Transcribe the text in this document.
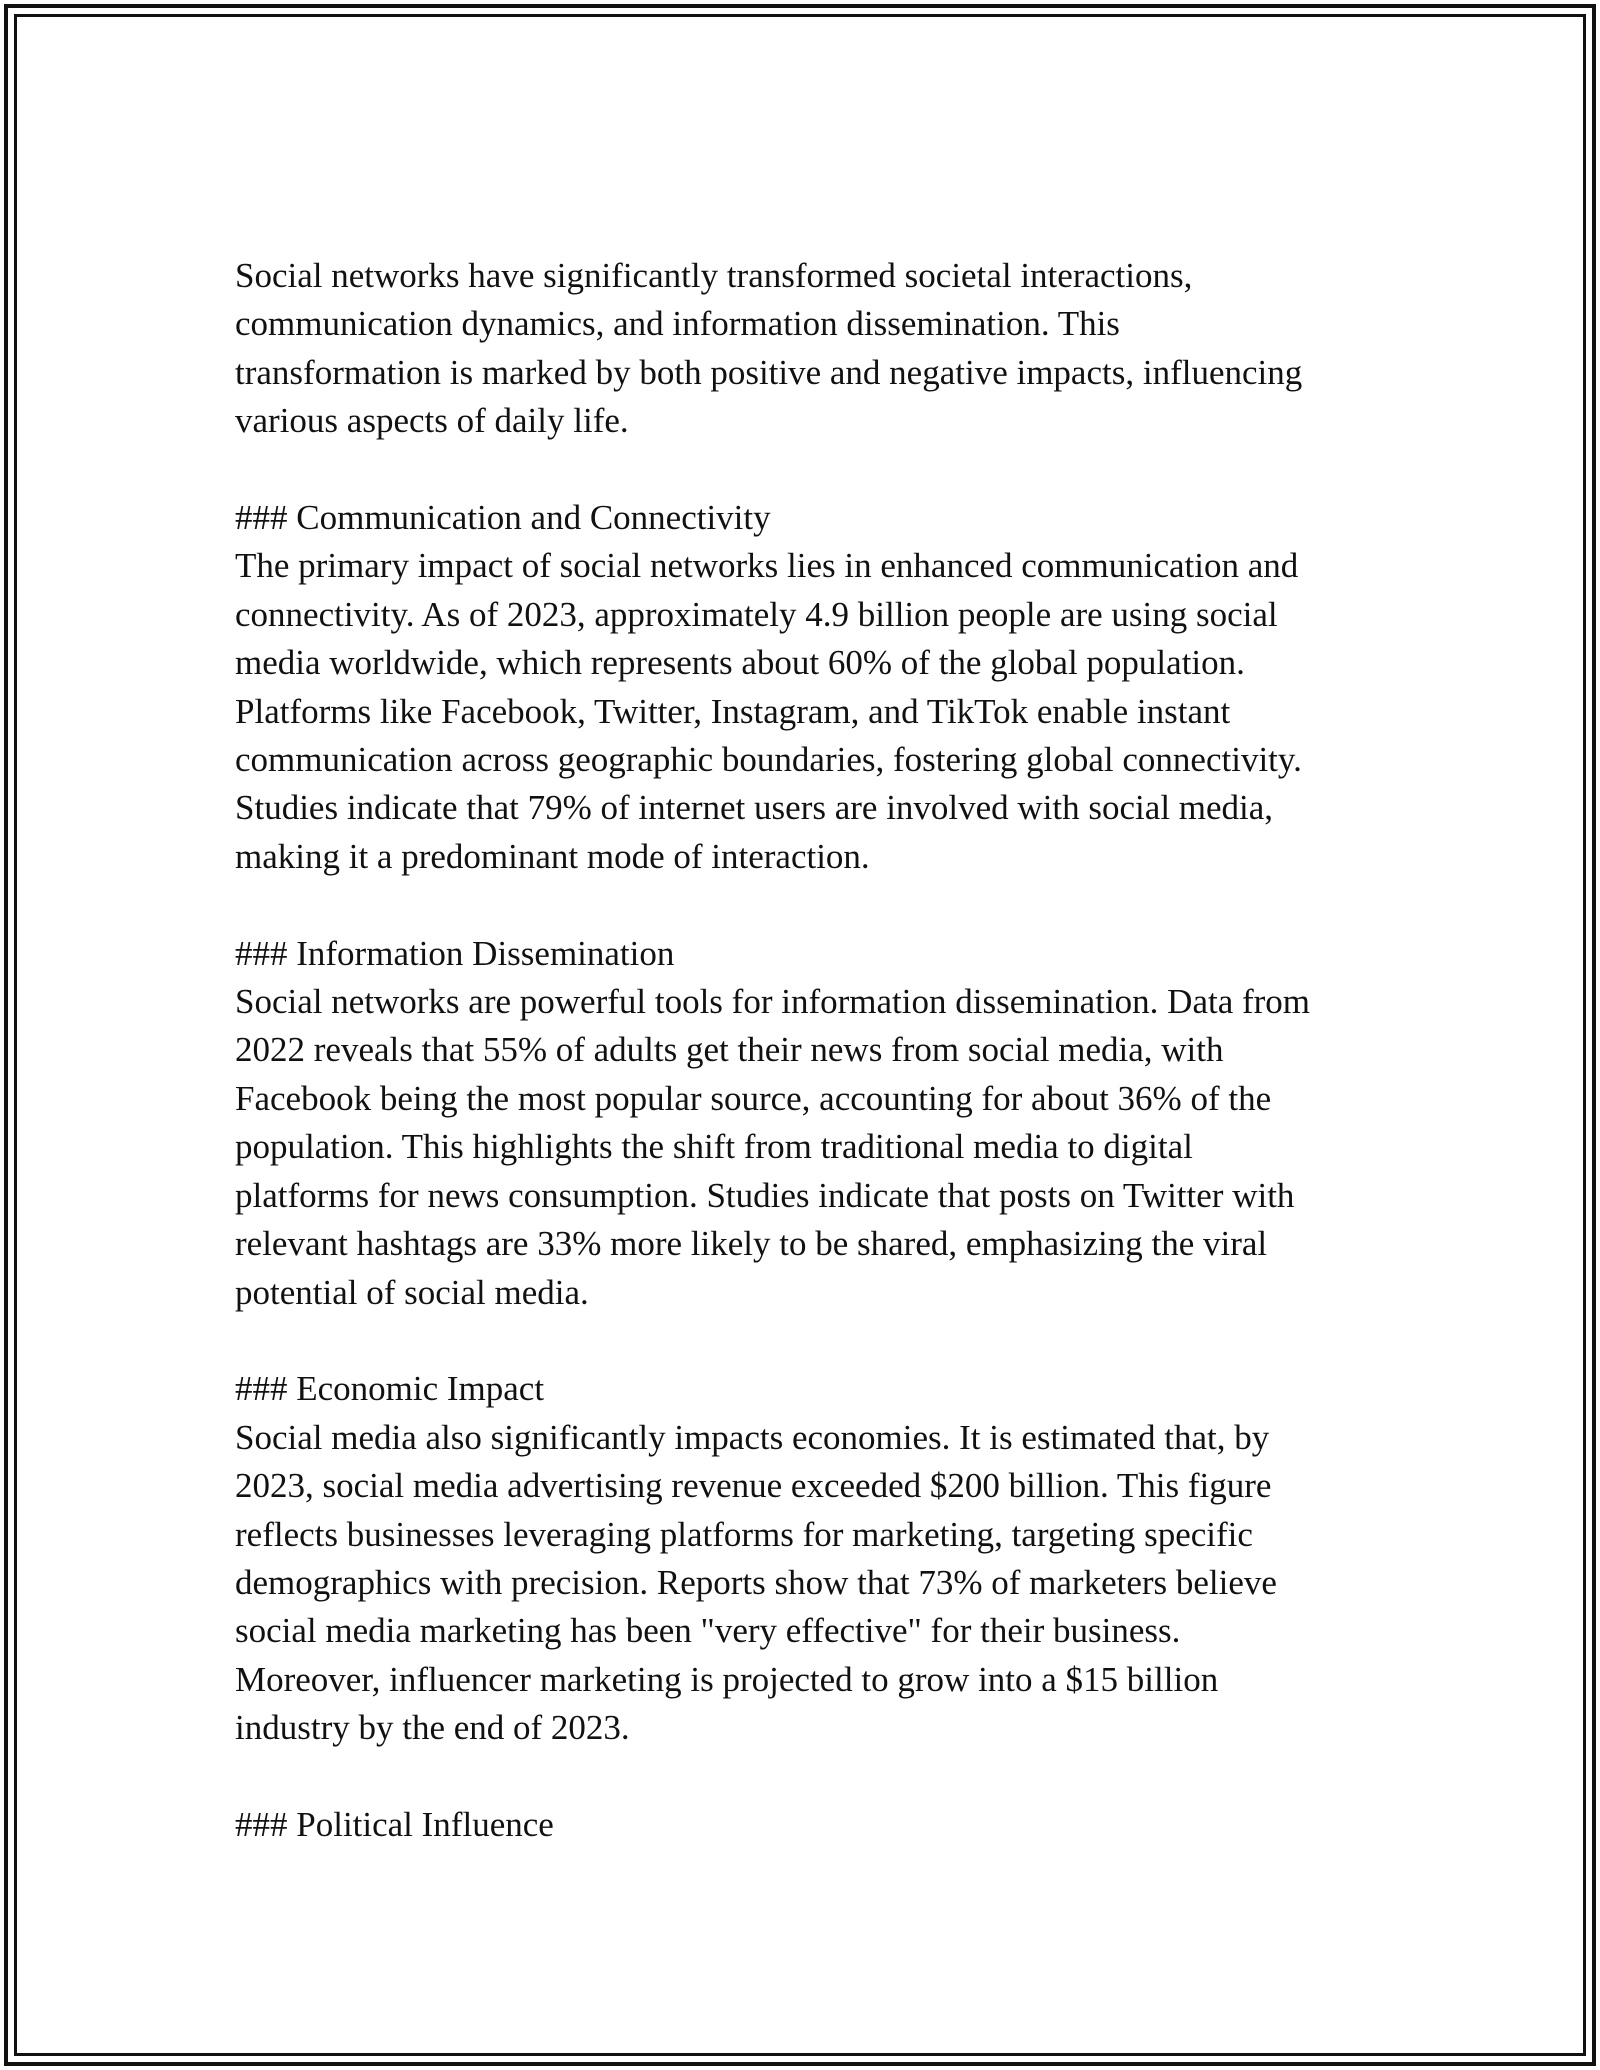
Social networks have significantly transformed societal interactions,
communication dynamics, and information dissemination. This
transformation is marked by both positive and negative impacts, influencing
various aspects of daily life.

### Communication and Connectivity

The primary impact of social networks lies in enhanced communication and
connectivity. As of 2023, approximately 4.9 billion people are using social
media worldwide, which represents about 60% of the global population.
Platforms like Facebook, Twitter, Instagram, and TikTok enable instant
communication across geographic boundaries, fostering global connectivity.
Studies indicate that 79% of internet users are involved with social media,
making it a predominant mode of interaction.

### Information Dissemination

Social networks are powerful tools for information dissemination. Data from
2022 reveals that 55% of adults get their news from social media, with
Facebook being the most popular source, accounting for about 36% of the
population. This highlights the shift from traditional media to digital
platforms for news consumption. Studies indicate that posts on Twitter with
relevant hashtags are 33% more likely to be shared, emphasizing the viral
potential of social media.

### Economic Impact

Social media also significantly impacts economies. It is estimated that, by
2023, social media advertising revenue exceeded $200 billion. This figure
reflects businesses leveraging platforms for marketing, targeting specific
demographics with precision. Reports show that 73% of marketers believe
social media marketing has been "very effective" for their business.
Moreover, influencer marketing is projected to grow into a $15 billion
industry by the end of 2023.

### Political Influence
